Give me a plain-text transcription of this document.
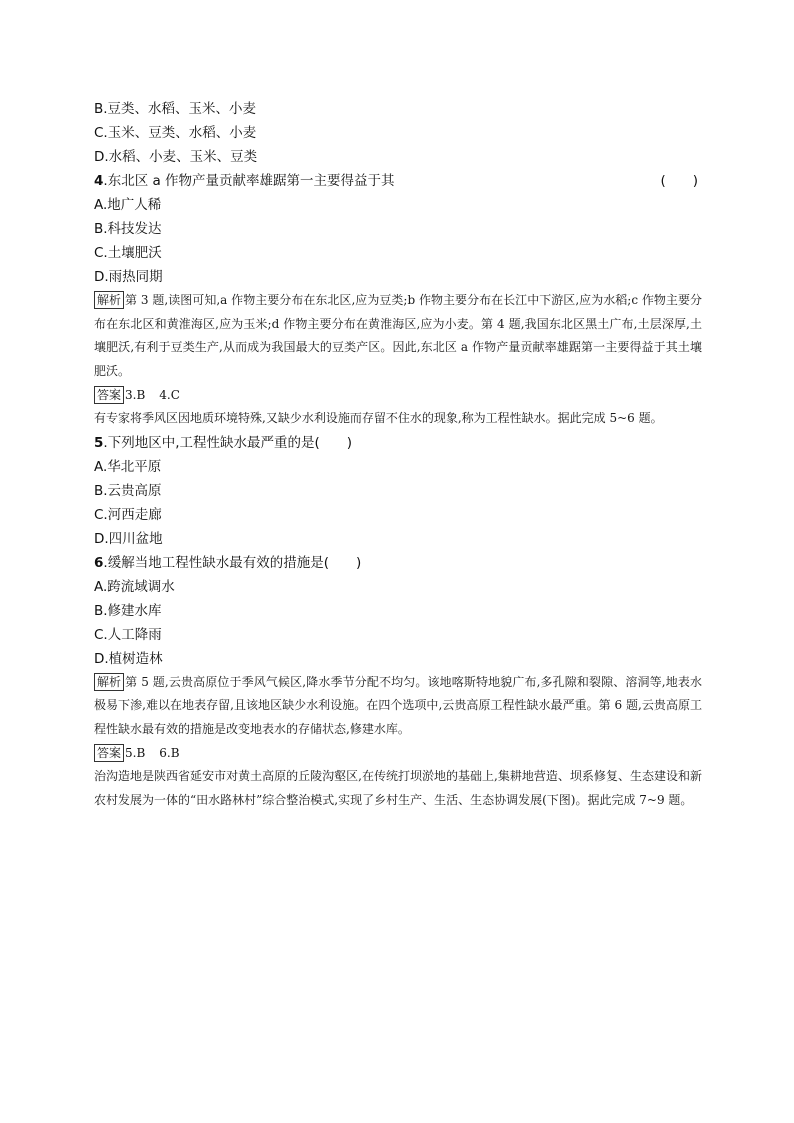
B.豆类、水稻、玉米、小麦
C.玉米、豆类、水稻、小麦
D.水稻、小麦、玉米、豆类
4.东北区 a 作物产量贡献率雄踞第一主要得益于其	(　　)
A.地广人稀
B.科技发达
C.土壤肥沃
D.雨热同期
解析 第 3 题,读图可知,a 作物主要分布在东北区,应为豆类;b 作物主要分布在长江中下游区,应为水稻;c 作物主要分布在东北区和黄淮海区,应为玉米;d 作物主要分布在黄淮海区,应为小麦。第 4 题,我国东北区黑土广布,土层深厚,土壤肥沃,有利于豆类生产,从而成为我国最大的豆类产区。因此,东北区 a 作物产量贡献率雄踞第一主要得益于其土壤肥沃。
答案 3.B 4.C
有专家将季风区因地质环境特殊,又缺少水利设施而存留不住水的现象,称为工程性缺水。据此完成 5~6 题。
5.下列地区中,工程性缺水最严重的是(　　)
A.华北平原
B.云贵高原
C.河西走廊
D.四川盆地
6.缓解当地工程性缺水最有效的措施是(　　)
A.跨流域调水
B.修建水库
C.人工降雨
D.植树造林
解析 第 5 题,云贵高原位于季风气候区,降水季节分配不均匀。该地喀斯特地貌广布,多孔隙和裂隙、溶洞等,地表水极易下渗,难以在地表存留,且该地区缺少水利设施。在四个选项中,云贵高原工程性缺水最严重。第 6 题,云贵高原工程性缺水最有效的措施是改变地表水的存储状态,修建水库。
答案 5.B 6.B
治沟造地是陕西省延安市对黄土高原的丘陵沟壑区,在传统打坝淤地的基础上,集耕地营造、坝系修复、生态建设和新农村发展为一体的“田水路林村”综合整治模式,实现了乡村生产、生活、生态协调发展(下图)。据此完成 7~9 题。
